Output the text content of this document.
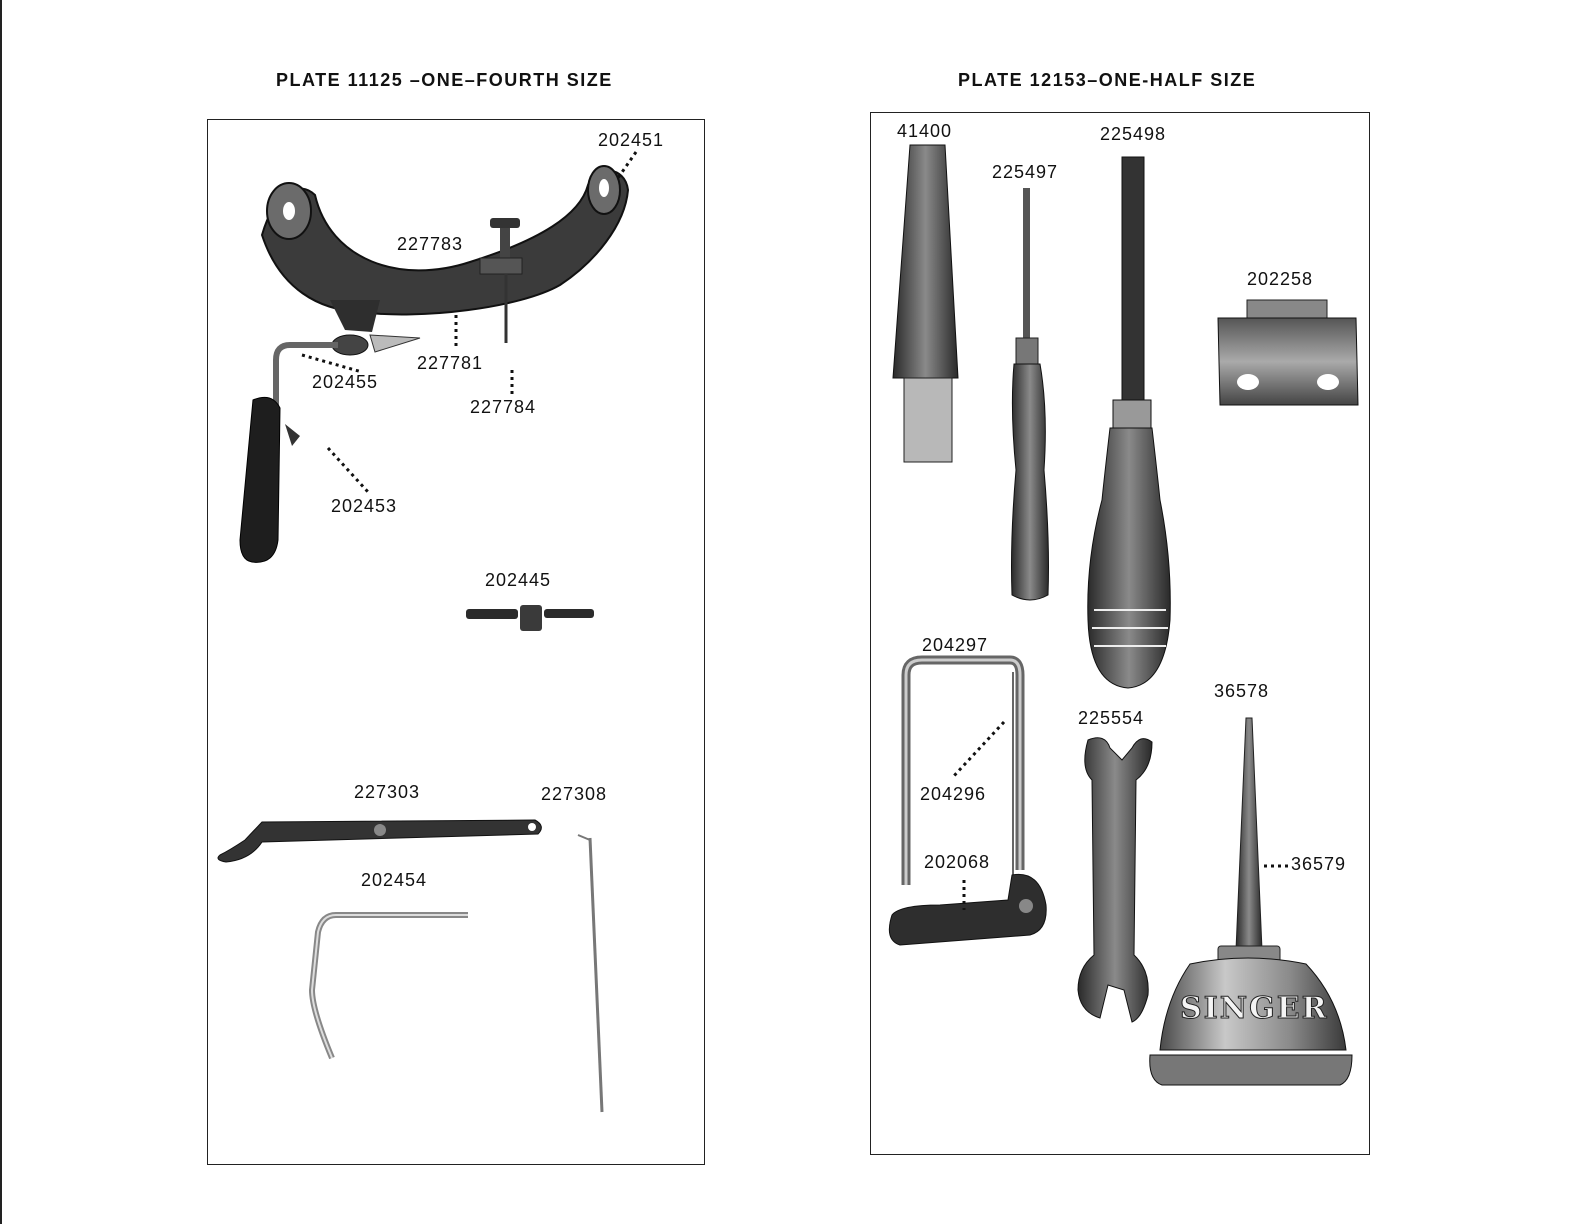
PLATE 11125 –ONE–FOURTH SIZE	PLATE 12153–ONE-HALF SIZE
SINGER
202451
227783
227781
202455
227784
202453
202445
227303	227308
202454
41400	225498
225497
202258
204297
36578
225554
204296
36579
202068
